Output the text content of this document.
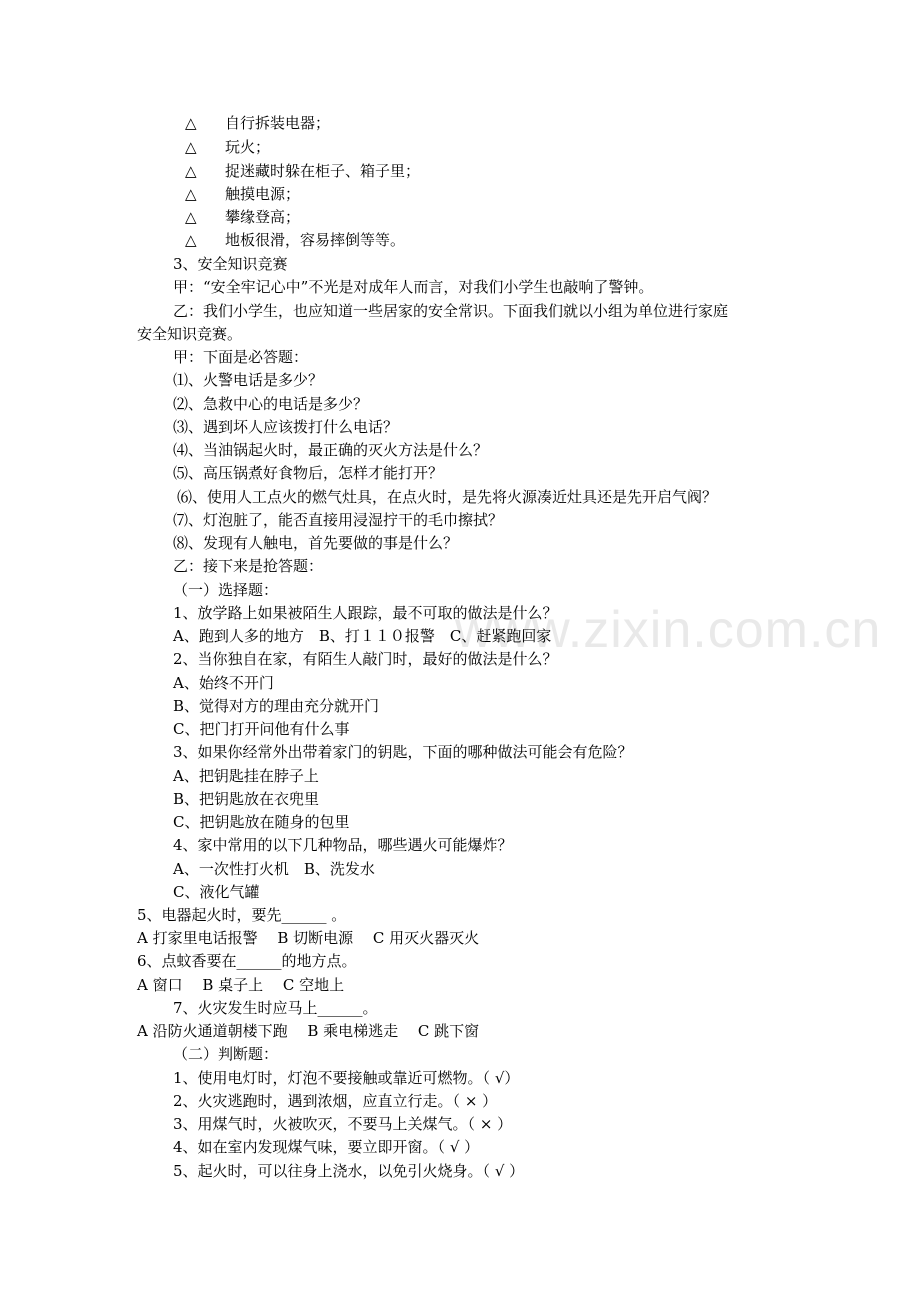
www.zixin.com.cn
△ 自行拆装电器；
△ 玩火；
△ 捉迷藏时躲在柜子、箱子里；
△ 触摸电源；
△ 攀缘登高；
△ 地板很滑，容易摔倒等等。
3、安全知识竞赛
甲：“安全牢记心中”不光是对成年人而言，对我们小学生也敲响了警钟。
乙：我们小学生，也应知道一些居家的安全常识。下面我们就以小组为单位进行家庭
安全知识竞赛。
甲：下面是必答题：
⑴、火警电话是多少？
⑵、急救中心的电话是多少？
⑶、遇到坏人应该拨打什么电话？
⑷、当油锅起火时，最正确的灭火方法是什么？
⑸、高压锅煮好食物后，怎样才能打开？
⑹、使用人工点火的燃气灶具，在点火时，是先将火源凑近灶具还是先开启气阀？
⑺、灯泡脏了，能否直接用浸湿拧干的毛巾擦拭？
⑻、发现有人触电，首先要做的事是什么？
乙：接下来是抢答题：
（一）选择题：
1、放学路上如果被陌生人跟踪，最不可取的做法是什么？
A、跑到人多的地方　B、打１１０报警　C、赶紧跑回家
2、当你独自在家，有陌生人敲门时，最好的做法是什么？
A、始终不开门
B、觉得对方的理由充分就开门
C、把门打开问他有什么事
3、如果你经常外出带着家门的钥匙，下面的哪种做法可能会有危险？
A、把钥匙挂在脖子上
B、把钥匙放在衣兜里
C、把钥匙放在随身的包里
4、家中常用的以下几种物品，哪些遇火可能爆炸？
A、一次性打火机　B、洗发水
C、液化气罐
5、电器起火时，要先______ 。
A 打家里电话报警　 B 切断电源　 C 用灭火器灭火
6、点蚊香要在______的地方点。
A 窗口　 B 桌子上　 C 空地上
7、火灾发生时应马上______。
A 沿防火通道朝楼下跑　 B 乘电梯逃走　 C 跳下窗
（二）判断题：
1、使用电灯时，灯泡不要接触或靠近可燃物。（ √）
2、火灾逃跑时，遇到浓烟，应直立行走。（ × ）
3、用煤气时，火被吹灭，不要马上关煤气。（ × ）
4、如在室内发现煤气味，要立即开窗。（ √ ）
5、起火时，可以往身上浇水，以免引火烧身。（ √ ）
